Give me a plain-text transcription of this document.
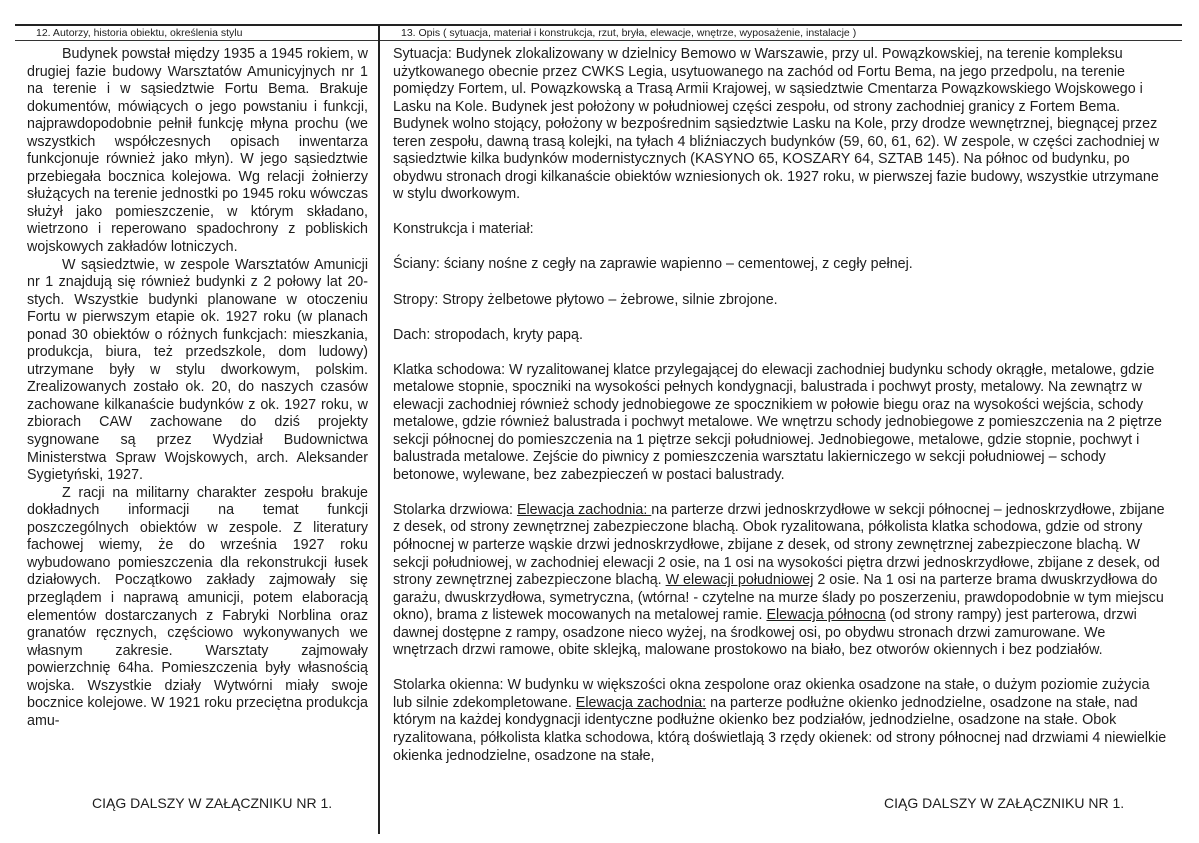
12. Autorzy, historia obiektu, określenia stylu	13. Opis ( sytuacja, materiał i konstrukcja, rzut, bryła, elewacje, wnętrze, wyposażenie, instalacje )

Budynek powstał między 1935 a 1945 rokiem, w drugiej fazie budowy Warsztatów Amunicyjnych nr 1 na terenie i w sąsiedztwie Fortu Bema. Brakuje dokumentów, mówiących o jego powstaniu i funkcji, najprawdopodobnie pełnił funkcję młyna prochu (we wszystkich współczesnych opisach inwentarza funkcjonuje również jako młyn). W jego sąsiedztwie przebiegała bocznica kolejowa. Wg relacji żołnierzy służących na terenie jednostki po 1945 roku wówczas służył jako pomieszczenie, w którym składano, wietrzono i reperowano spadochrony z pobliskich wojskowych zakładów lotniczych.

W sąsiedztwie, w zespole Warsztatów Amunicji nr 1 znajdują się również budynki z 2 połowy lat 20-stych. Wszystkie budynki planowane w otoczeniu Fortu w pierwszym etapie ok. 1927 roku (w planach ponad 30 obiektów o różnych funkcjach: mieszkania, produkcja, biura, też przedszkole, dom ludowy) utrzymane były w stylu dworkowym, polskim. Zrealizowanych zostało ok. 20, do naszych czasów zachowane kilkanaście budynków z ok. 1927 roku, w zbiorach CAW zachowane do dziś projekty sygnowane są przez Wydział Budownictwa Ministerstwa Spraw Wojskowych, arch. Aleksander Sygietyński, 1927.

Z racji na militarny charakter zespołu brakuje dokładnych informacji na temat funkcji poszczególnych obiektów w zespole. Z literatury fachowej wiemy, że do września 1927 roku wybudowano pomieszczenia dla rekonstrukcji łusek działowych. Początkowo zakłady zajmowały się przeglądem i naprawą amunicji, potem elaboracją elementów dostarczanych z Fabryki Norblina oraz granatów ręcznych, częściowo wykonywanych we własnym zakresie. Warsztaty zajmowały powierzchnię 64ha. Pomieszczenia były własnością wojska. Wszystkie działy Wytwórni miały swoje bocznice kolejowe. W 1921 roku przeciętna produkcja amu-

Sytuacja: Budynek zlokalizowany w dzielnicy Bemowo w Warszawie, przy ul. Powązkowskiej, na terenie kompleksu użytkowanego obecnie przez CWKS Legia, usytuowanego na zachód od Fortu Bema, na jego przedpolu, na terenie pomiędzy Fortem, ul. Powązkowską a Trasą Armii Krajowej, w sąsiedztwie Cmentarza Powązkowskiego Wojskowego i Lasku na Kole. Budynek jest położony w południowej części zespołu, od strony zachodniej granicy z Fortem Bema. Budynek wolno stojący, położony w bezpośrednim sąsiedztwie Lasku na Kole, przy drodze wewnętrznej, biegnącej przez teren zespołu, dawną trasą kolejki, na tyłach 4 bliźniaczych budynków (59, 60, 61, 62). W zespole, w części zachodniej w sąsiedztwie kilka budynków modernistycznych (KASYNO 65, KOSZARY 64, SZTAB 145). Na północ od budynku, po obydwu stronach drogi kilkanaście obiektów wzniesionych ok. 1927 roku, w pierwszej fazie budowy, wszystkie utrzymane w stylu dworkowym.

Konstrukcja i materiał:

Ściany: ściany nośne z cegły na zaprawie wapienno – cementowej, z cegły pełnej.

Stropy: Stropy żelbetowe płytowo – żebrowe, silnie zbrojone.

Dach: stropodach, kryty papą.

Klatka schodowa: W ryzalitowanej klatce przylegającej do elewacji zachodniej budynku schody okrągłe, metalowe, gdzie metalowe stopnie, spoczniki na wysokości pełnych kondygnacji, balustrada i pochwyt prosty, metalowy. Na zewnątrz w elewacji zachodniej również schody jednobiegowe ze spocznikiem w połowie biegu oraz na wysokości wejścia, schody metalowe, gdzie również balustrada i pochwyt metalowe. We wnętrzu schody jednobiegowe z pomieszczenia na 2 piętrze sekcji północnej do pomieszczenia na 1 piętrze sekcji południowej. Jednobiegowe, metalowe, gdzie stopnie, pochwyt i balustrada metalowe. Zejście do piwnicy z pomieszczenia warsztatu lakierniczego w sekcji południowej – schody betonowe, wylewane, bez zabezpieczeń w postaci balustrady.

Stolarka drzwiowa: Elewacja zachodnia: na parterze drzwi jednoskrzydłowe w sekcji północnej – jednoskrzydłowe, zbijane z desek, od strony zewnętrznej zabezpieczone blachą. Obok ryzalitowana, półkolista klatka schodowa, gdzie od strony północnej w parterze wąskie drzwi jednoskrzydłowe, zbijane z desek, od strony zewnętrznej zabezpieczone blachą. W sekcji południowej, w zachodniej elewacji 2 osie, na 1 osi na wysokości piętra drzwi jednoskrzydłowe, zbijane z desek, od strony zewnętrznej zabezpieczone blachą. W elewacji południowej 2 osie. Na 1 osi na parterze brama dwuskrzydłowa do garażu, dwuskrzydłowa, symetryczna, (wtórna! - czytelne na murze ślady po poszerzeniu, prawdopodobnie w tym miejscu okno), brama z listewek mocowanych na metalowej ramie. Elewacja północna (od strony rampy) jest parterowa, drzwi dawnej dostępne z rampy, osadzone nieco wyżej, na środkowej osi, po obydwu stronach drzwi zamurowane. We wnętrzach drzwi ramowe, obite sklejką, malowane prostokowo na biało, bez otworów okiennych i bez podziałów.

Stolarka okienna: W budynku w większości okna zespolone oraz okienka osadzone na stałe, o dużym poziomie zużycia lub silnie zdekompletowane. Elewacja zachodnia: na parterze podłużne okienko jednodzielne, osadzone na stałe, nad którym na każdej kondygnacji identyczne podłużne okienko bez podziałów, jednodzielne, osadzone na stałe. Obok ryzalitowana, półkolista klatka schodowa, którą doświetlają 3 rzędy okienek: od strony północnej nad drzwiami 4 niewielkie okienka jednodzielne, osadzone na stałe,

CIĄG DALSZY W ZAŁĄCZNIKU NR 1.	CIĄG DALSZY W ZAŁĄCZNIKU NR 1.
